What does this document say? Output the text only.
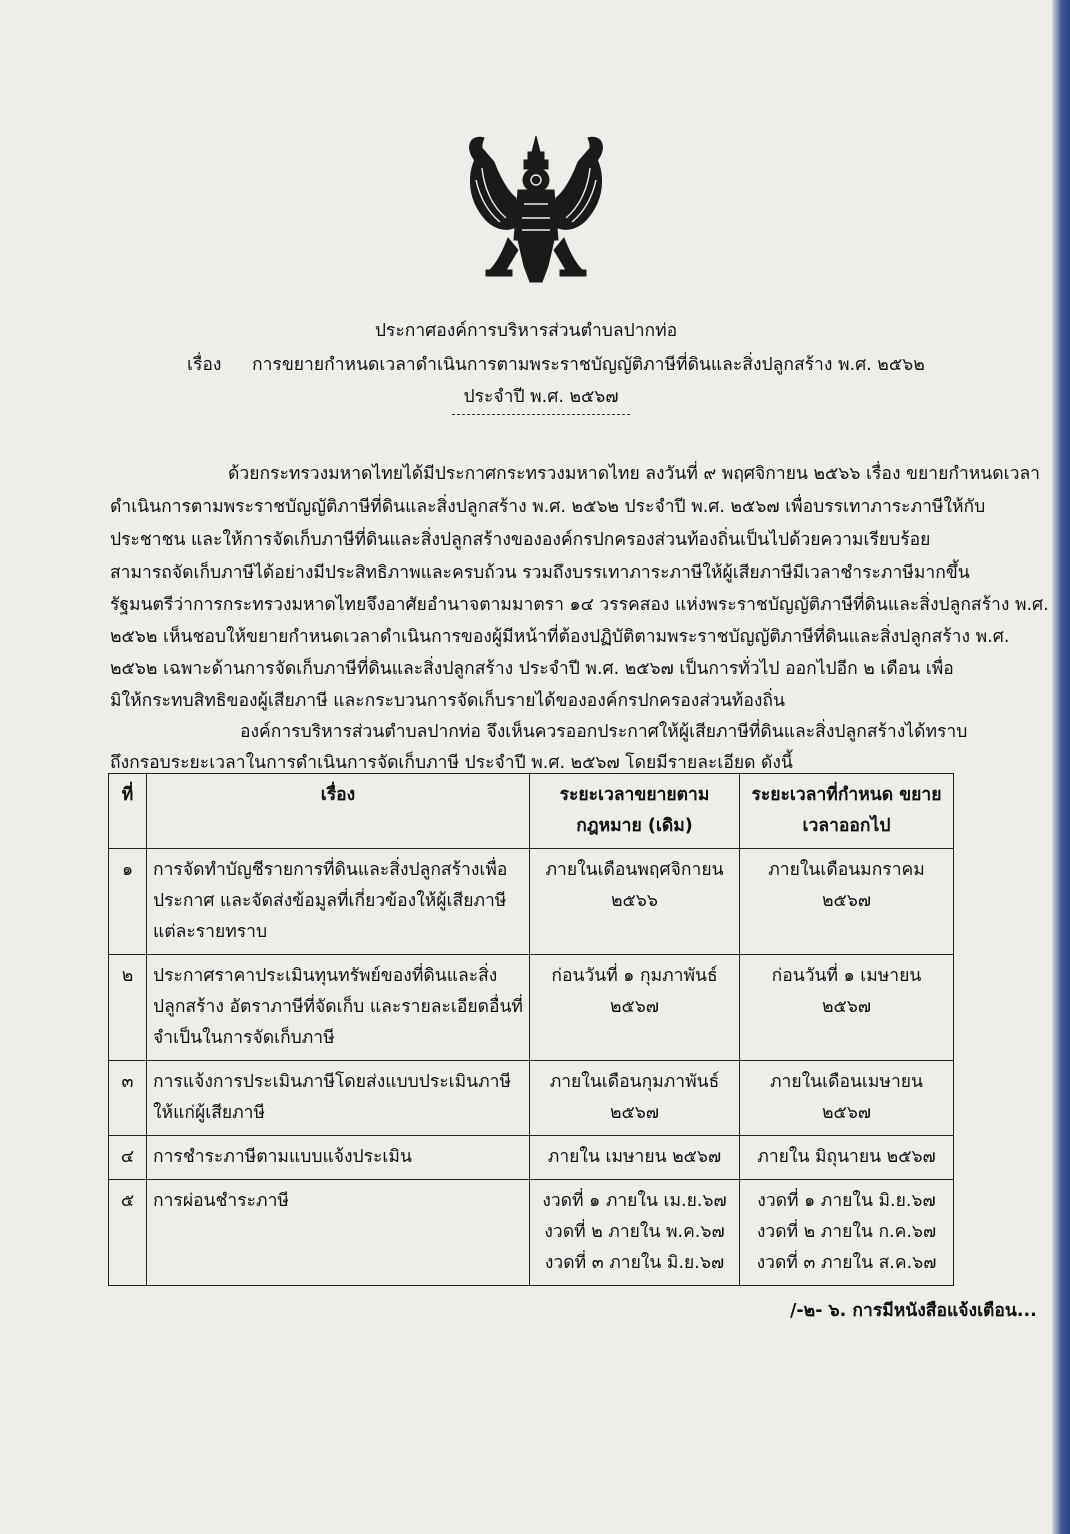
ประกาศองค์การบริหารส่วนตำบลปากท่อ
เรื่อง การขยายกำหนดเวลาดำเนินการตามพระราชบัญญัติภาษีที่ดินและสิ่งปลูกสร้าง พ.ศ. ๒๕๖๒
ประจำปี พ.ศ. ๒๕๖๗
ด้วยกระทรวงมหาดไทยได้มีประกาศกระทรวงมหาดไทย ลงวันที่ ๙ พฤศจิกายน ๒๕๖๖ เรื่อง ขยายกำหนดเวลา
ดำเนินการตามพระราชบัญญัติภาษีที่ดินและสิ่งปลูกสร้าง พ.ศ. ๒๕๖๒ ประจำปี พ.ศ. ๒๕๖๗ เพื่อบรรเทาภาระภาษีให้กับ
ประชาชน และให้การจัดเก็บภาษีที่ดินและสิ่งปลูกสร้างขององค์กรปกครองส่วนท้องถิ่นเป็นไปด้วยความเรียบร้อย
สามารถจัดเก็บภาษีได้อย่างมีประสิทธิภาพและครบถ้วน รวมถึงบรรเทาภาระภาษีให้ผู้เสียภาษีมีเวลาชำระภาษีมากขึ้น
รัฐมนตรีว่าการกระทรวงมหาดไทยจึงอาศัยอำนาจตามมาตรา ๑๔ วรรคสอง แห่งพระราชบัญญัติภาษีที่ดินและสิ่งปลูกสร้าง พ.ศ.
๒๕๖๒ เห็นชอบให้ขยายกำหนดเวลาดำเนินการของผู้มีหน้าที่ต้องปฏิบัติตามพระราชบัญญัติภาษีที่ดินและสิ่งปลูกสร้าง พ.ศ.
๒๕๖๒ เฉพาะด้านการจัดเก็บภาษีที่ดินและสิ่งปลูกสร้าง ประจำปี พ.ศ. ๒๕๖๗ เป็นการทั่วไป ออกไปอีก ๒ เดือน เพื่อ
มิให้กระทบสิทธิของผู้เสียภาษี และกระบวนการจัดเก็บรายได้ขององค์กรปกครองส่วนท้องถิ่น
องค์การบริหารส่วนตำบลปากท่อ จึงเห็นควรออกประกาศให้ผู้เสียภาษีที่ดินและสิ่งปลูกสร้างได้ทราบ
ถึงกรอบระยะเวลาในการดำเนินการจัดเก็บภาษี ประจำปี พ.ศ. ๒๕๖๗ โดยมีรายละเอียด ดังนี้
ที่	เรื่อง	ระยะเวลาขยายตาม กฎหมาย (เดิม)	ระยะเวลาที่กำหนด ขยายเวลาออกไป
๑	การจัดทำบัญชีรายการที่ดินและสิ่งปลูกสร้างเพื่อประกาศ และจัดส่งข้อมูลที่เกี่ยวข้องให้ผู้เสียภาษีแต่ละรายทราบ	ภายในเดือนพฤศจิกายน ๒๕๖๖	ภายในเดือนมกราคม ๒๕๖๗
๒	ประกาศราคาประเมินทุนทรัพย์ของที่ดินและสิ่งปลูกสร้าง อัตราภาษีที่จัดเก็บ และรายละเอียดอื่นที่จำเป็นในการจัดเก็บภาษี	ก่อนวันที่ ๑ กุมภาพันธ์ ๒๕๖๗	ก่อนวันที่ ๑ เมษายน ๒๕๖๗
๓	การแจ้งการประเมินภาษีโดยส่งแบบประเมินภาษีให้แก่ผู้เสียภาษี	ภายในเดือนกุมภาพันธ์ ๒๕๖๗	ภายในเดือนเมษายน ๒๕๖๗
๔	การชำระภาษีตามแบบแจ้งประเมิน	ภายใน เมษายน ๒๕๖๗	ภายใน มิถุนายน ๒๕๖๗
๕	การผ่อนชำระภาษี	งวดที่ ๑ ภายใน เม.ย.๖๗ งวดที่ ๒ ภายใน พ.ค.๖๗ งวดที่ ๓ ภายใน มิ.ย.๖๗	งวดที่ ๑ ภายใน มิ.ย.๖๗ งวดที่ ๒ ภายใน ก.ค.๖๗ งวดที่ ๓ ภายใน ส.ค.๖๗
/-๒- ๖. การมีหนังสือแจ้งเตือน...
